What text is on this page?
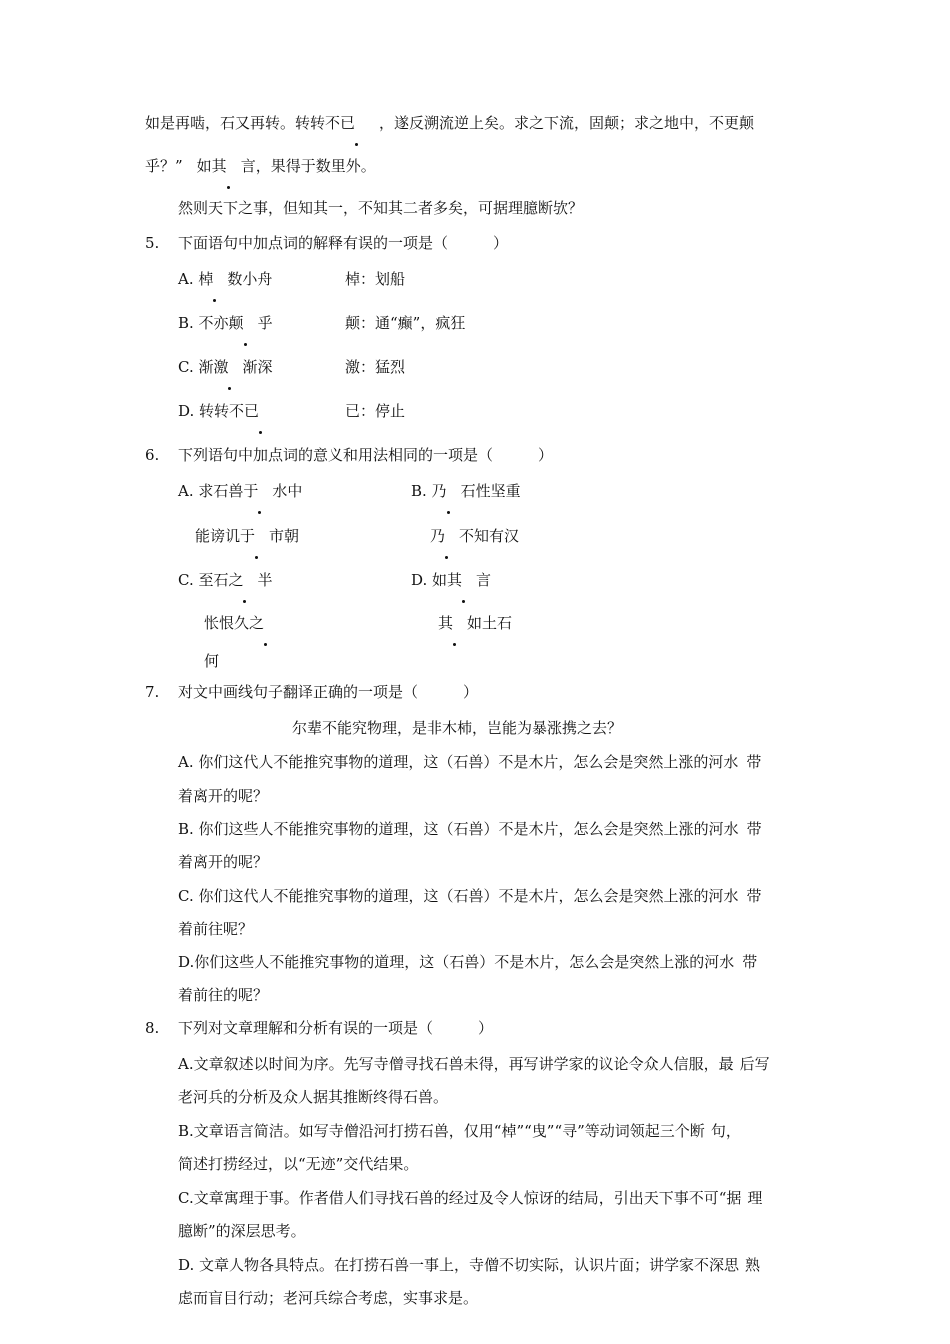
如是再啮，石又再转。转转不已 ，遂反溯流逆上矣。求之下流，固颠；求之地中，不更颠
乎？” 如其 言，果得于数里外。
然则天下之事，但知其一，不知其二者多矣，可据理臆断欤？
5. 下面语句中加点词的解释有误的一项是（　　　）
A. 棹 数小舟	棹：划船
B. 不亦颠 乎	颠：通“癫”，疯狂
C. 渐激 渐深	激：猛烈
D. 转转不已	已：停止
6. 下列语句中加点词的意义和用法相同的一项是（　　　）
A. 求石兽于 水中	B. 乃 石性坚重
能谤讥于 市朝	乃 不知有汉
C. 至石之 半	D. 如其 言
怅恨久之	其 如土石
何
7. 对文中画线句子翻译正确的一项是（　　　）
尔辈不能究物理，是非木杮，岂能为暴涨携之去？
A. 你们这代人不能推究事物的道理，这（石兽）不是木片，怎么会是突然上涨的河水 带
着离开的呢？
B. 你们这些人不能推究事物的道理，这（石兽）不是木片，怎么会是突然上涨的河水 带
着离开的呢？
C. 你们这代人不能推究事物的道理，这（石兽）不是木片，怎么会是突然上涨的河水 带
着前往呢？
D.你们这些人不能推究事物的道理，这（石兽）不是木片，怎么会是突然上涨的河水 带
着前往的呢？
8. 下列对文章理解和分析有误的一项是（　　　）
A.文章叙述以时间为序。先写寺僧寻找石兽未得，再写讲学家的议论令众人信服，最 后写
老河兵的分析及众人据其推断终得石兽。
B.文章语言简洁。如写寺僧沿河打捞石兽，仅用“棹”“曳”“寻”等动词领起三个断 句，
简述打捞经过，以“无迹”交代结果。
C.文章寓理于事。作者借人们寻找石兽的经过及令人惊讶的结局，引出天下事不可“据 理
臆断”的深层思考。
D. 文章人物各具特点。在打捞石兽一事上，寺僧不切实际，认识片面；讲学家不深思 熟
虑而盲目行动；老河兵综合考虑，实事求是。
